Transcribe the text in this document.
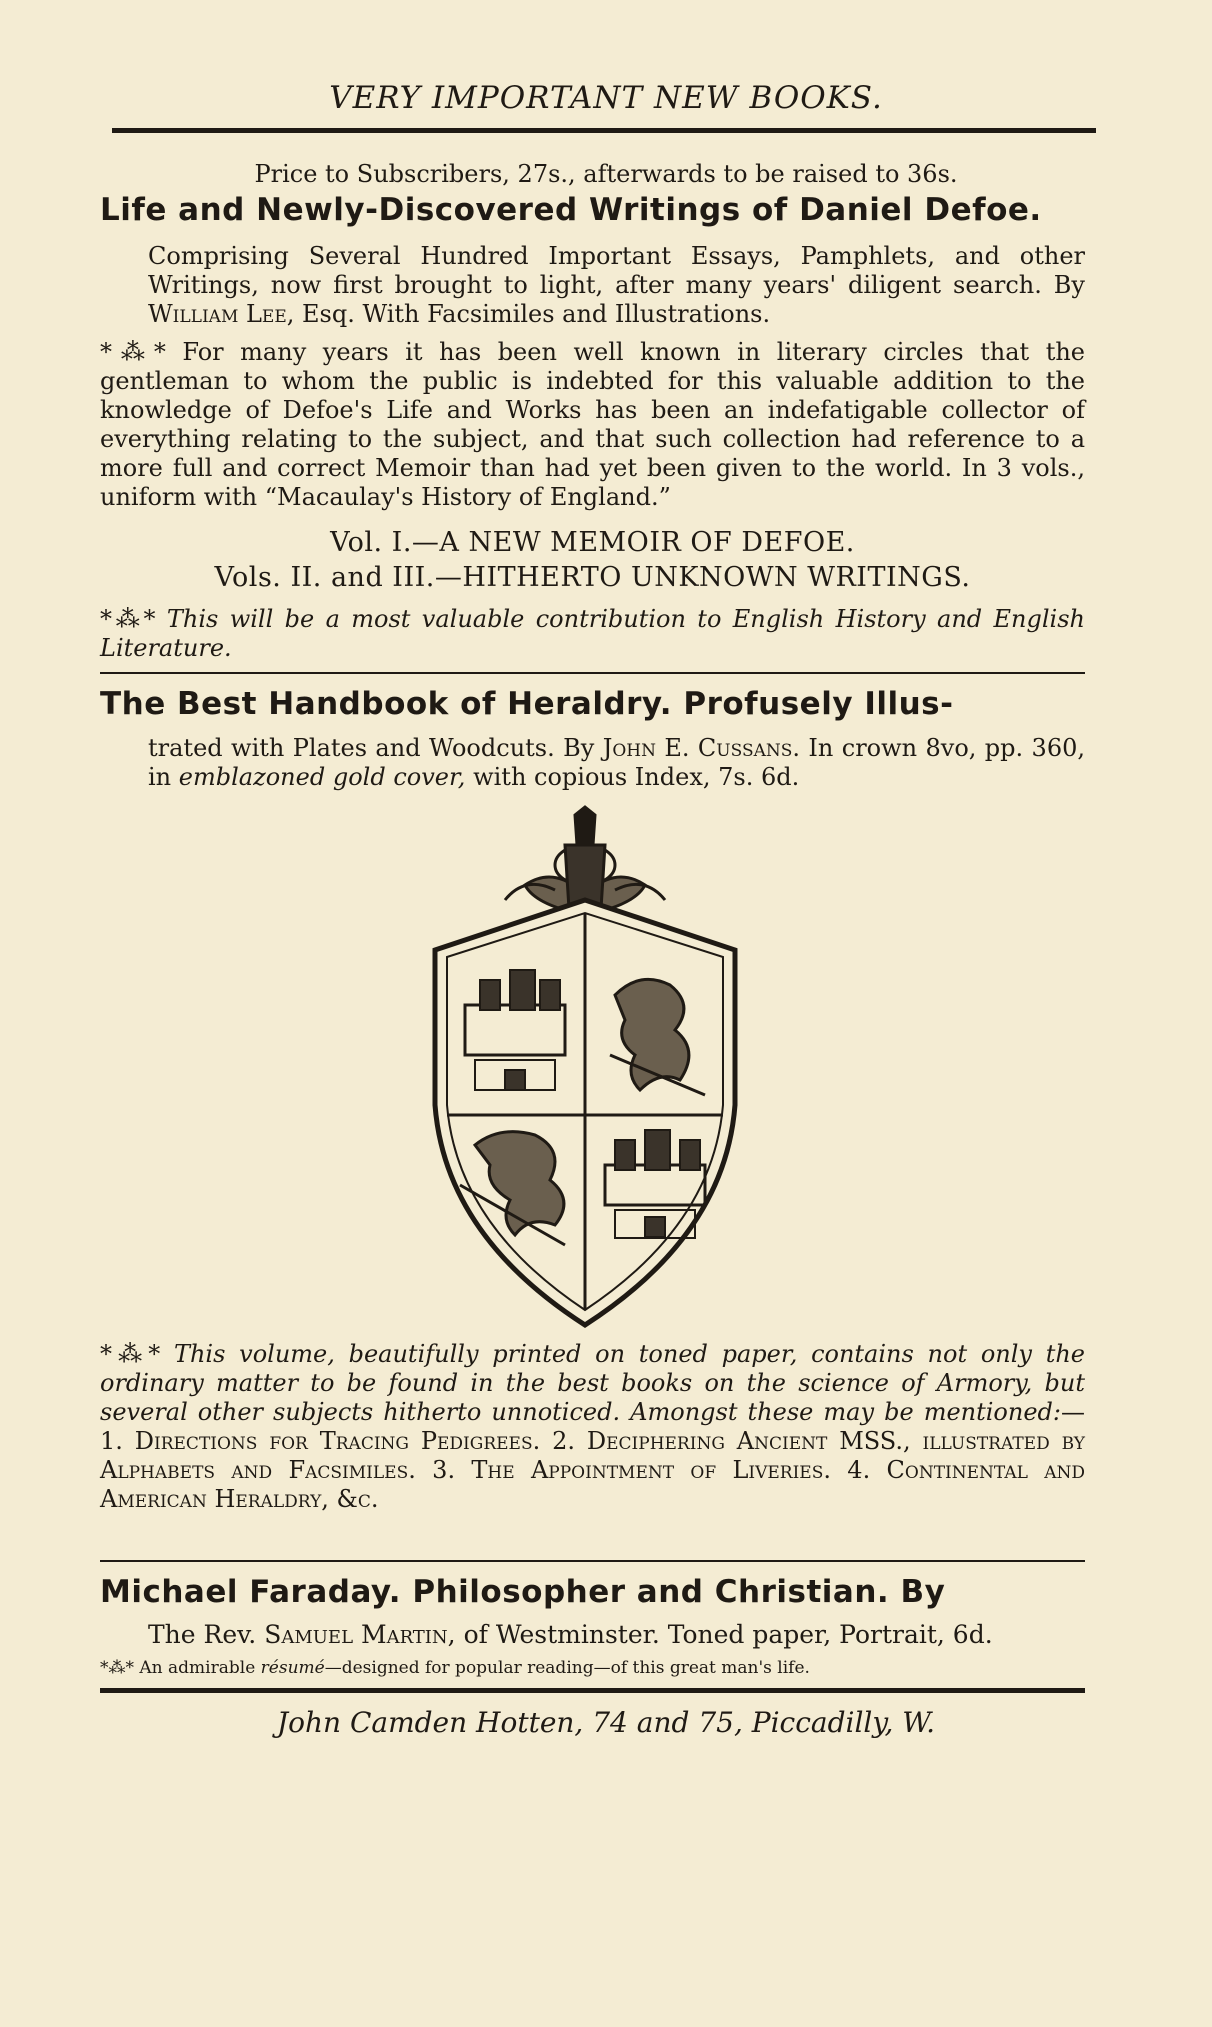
VERY IMPORTANT NEW BOOKS.
Price to Subscribers, 27s., afterwards to be raised to 36s.
Life and Newly-Discovered Writings of Daniel Defoe.
Comprising Several Hundred Important Essays, Pamphlets, and other Writings, now first brought to light, after many years' diligent search. By William Lee, Esq. With Facsimiles and Illustrations.
*⁂* For many years it has been well known in literary circles that the gentleman to whom the public is indebted for this valuable addition to the knowledge of Defoe's Life and Works has been an indefatigable collector of everything relating to the subject, and that such collection had reference to a more full and correct Memoir than had yet been given to the world. In 3 vols., uniform with “Macaulay's History of England.”
Vol. I.—A NEW MEMOIR OF DEFOE.
Vols. II. and III.—HITHERTO UNKNOWN WRITINGS.
*⁂* This will be a most valuable contribution to English History and English Literature.
The Best Handbook of Heraldry. Profusely Illus-
trated with Plates and Woodcuts. By John E. Cussans. In crown 8vo, pp. 360, in emblazoned gold cover, with copious Index, 7s. 6d.
*⁂* This volume, beautifully printed on toned paper, contains not only the ordinary matter to be found in the best books on the science of Armory, but several other subjects hitherto unnoticed. Amongst these may be mentioned:—1. Directions for Tracing Pedigrees. 2. Deciphering Ancient MSS., illustrated by Alphabets and Facsimiles. 3. The Appointment of Liveries. 4. Continental and American Heraldry, &c.
Michael Faraday. Philosopher and Christian. By
The Rev. Samuel Martin, of Westminster. Toned paper, Portrait, 6d.
*⁂* An admirable résumé—designed for popular reading—of this great man's life.
John Camden Hotten, 74 and 75, Piccadilly, W.
